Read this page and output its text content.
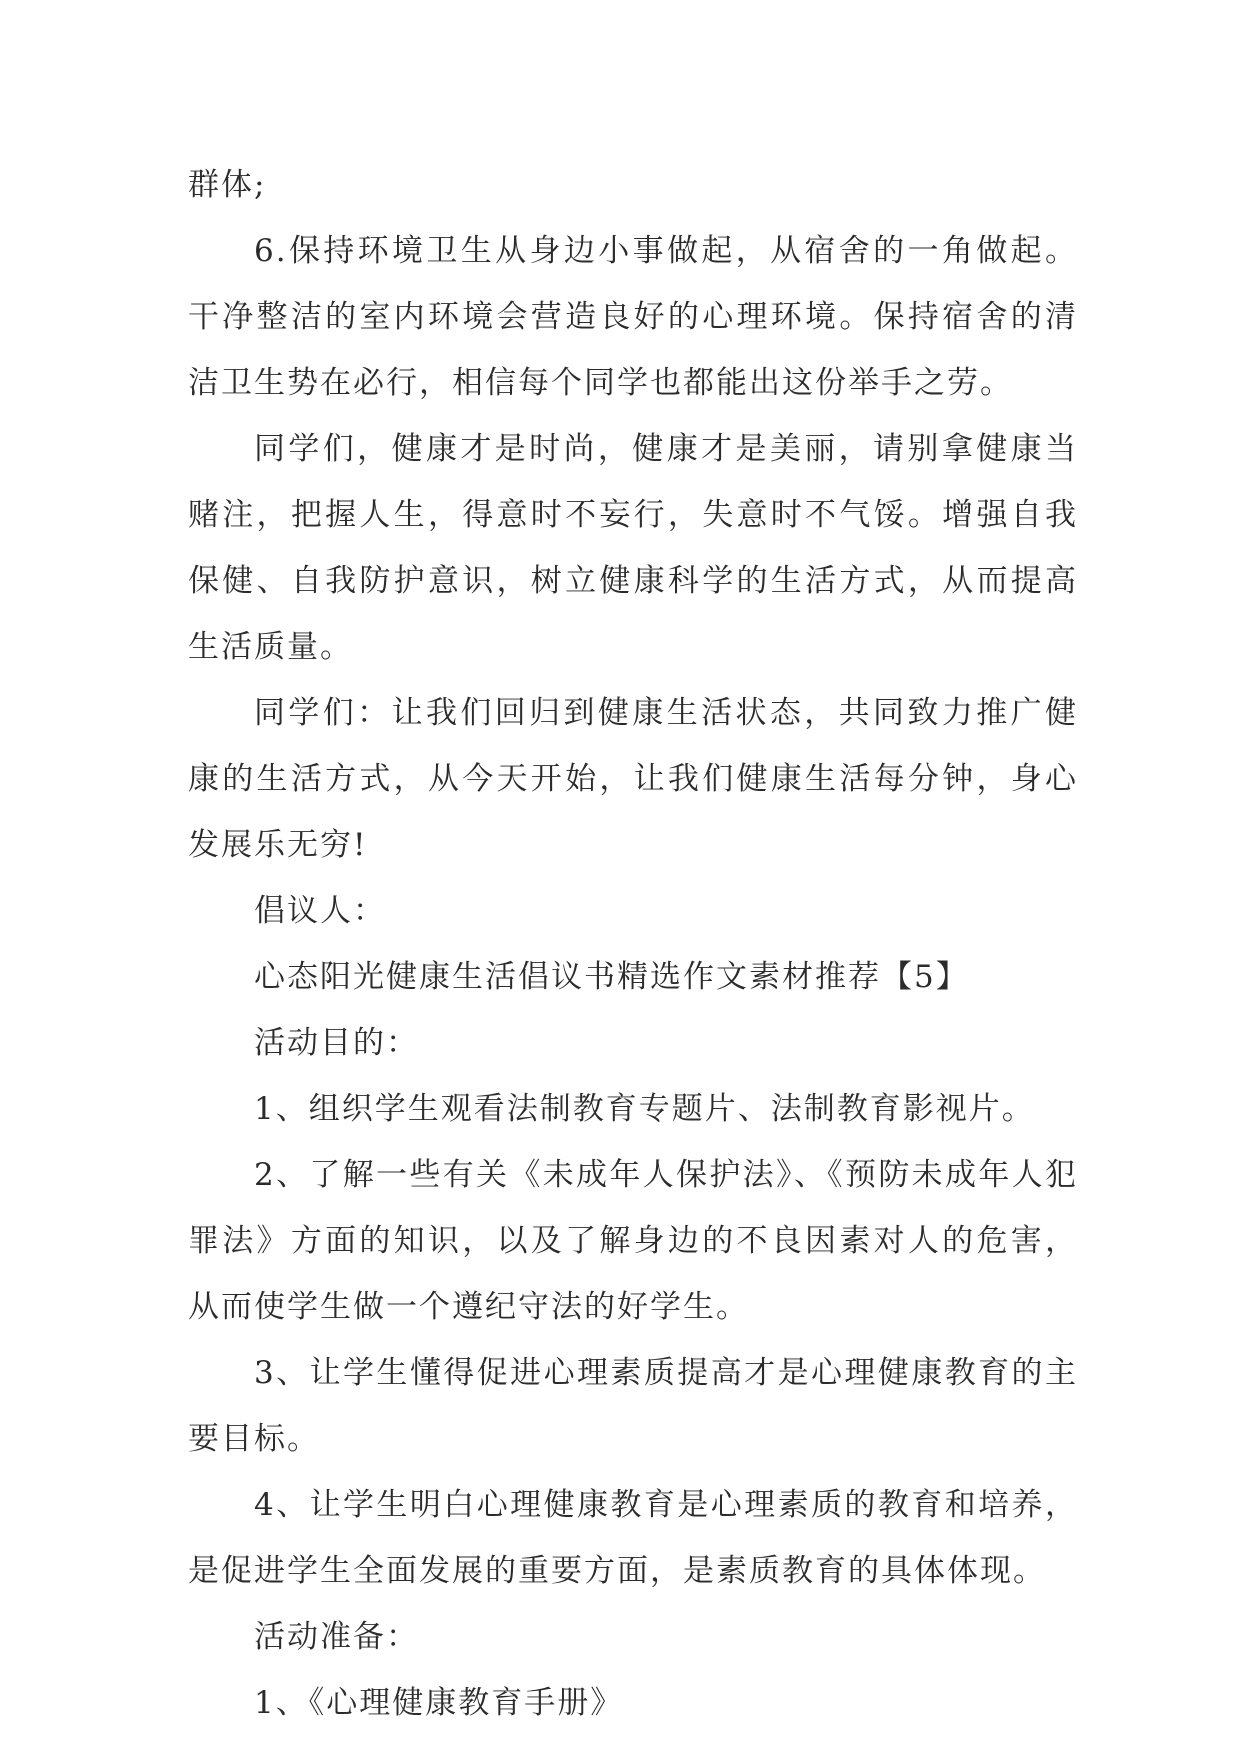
群体;

6.保持环境卫生从身边小事做起，从宿舍的一角做起。干净整洁的室内环境会营造良好的心理环境。保持宿舍的清洁卫生势在必行，相信每个同学也都能出这份举手之劳。

同学们，健康才是时尚，健康才是美丽，请别拿健康当赌注，把握人生，得意时不妄行，失意时不气馁。增强自我保健、自我防护意识，树立健康科学的生活方式，从而提高生活质量。

同学们：让我们回归到健康生活状态，共同致力推广健康的生活方式，从今天开始，让我们健康生活每分钟，身心发展乐无穷!

倡议人：

心态阳光健康生活倡议书精选作文素材推荐【5】

活动目的：

1、组织学生观看法制教育专题片、法制教育影视片。

2、了解一些有关《未成年人保护法》、《预防未成年人犯罪法》方面的知识，以及了解身边的不良因素对人的危害，从而使学生做一个遵纪守法的好学生。

3、让学生懂得促进心理素质提高才是心理健康教育的主要目标。

4、让学生明白心理健康教育是心理素质的教育和培养，是促进学生全面发展的重要方面，是素质教育的具体体现。

活动准备：

1、《心理健康教育手册》
